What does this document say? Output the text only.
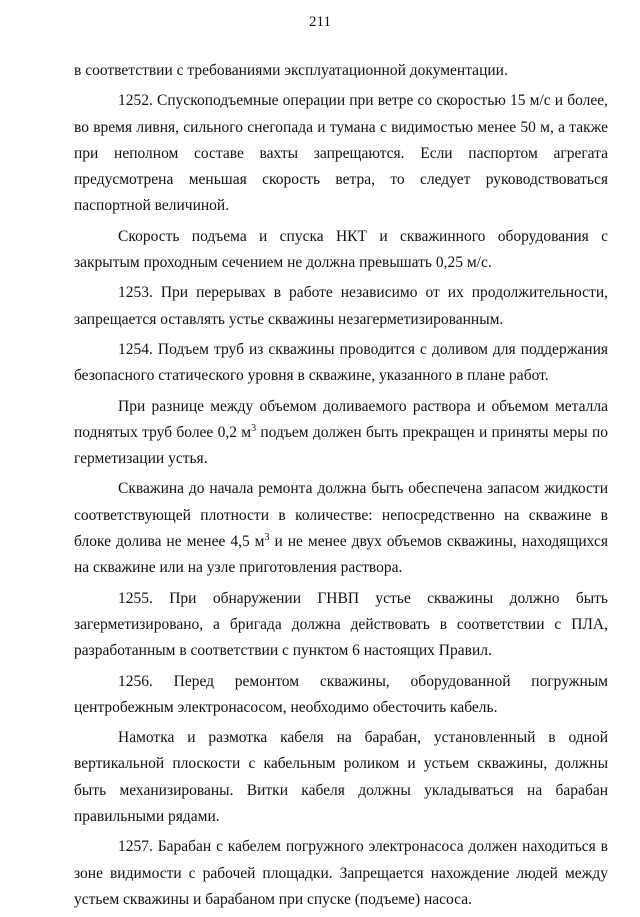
211

в соответствии с требованиями эксплуатационной документации.

1252. Спускоподъемные операции при ветре со скоростью 15 м/с и более, во время ливня, сильного снегопада и тумана с видимостью менее 50 м, а также при неполном составе вахты запрещаются. Если паспортом агрегата предусмотрена меньшая скорость ветра, то следует руководствоваться паспортной величиной.

Скорость подъема и спуска НКТ и скважинного оборудования с закрытым проходным сечением не должна превышать 0,25 м/с.

1253. При перерывах в работе независимо от их продолжительности, запрещается оставлять устье скважины незагерметизированным.

1254. Подъем труб из скважины проводится с доливом для поддержания безопасного статического уровня в скважине, указанного в плане работ.

При разнице между объемом доливаемого раствора и объемом металла поднятых труб более 0,2 $м^3$ подъем должен быть прекращен и приняты меры по герметизации устья.

Скважина до начала ремонта должна быть обеспечена запасом жидкости соответствующей плотности в количестве: непосредственно на скважине в блоке долива не менее 4,5 $м^3$ и не менее двух объемов скважины, находящихся на скважине или на узле приготовления раствора.

1255. При обнаружении ГНВП устье скважины должно быть загерметизировано, а бригада должна действовать в соответствии с ПЛА, разработанным в соответствии с пунктом 6 настоящих Правил.

1256. Перед ремонтом скважины, оборудованной погружным центробежным электронасосом, необходимо обесточить кабель.

Намотка и размотка кабеля на барабан, установленный в одной вертикальной плоскости с кабельным роликом и устьем скважины, должны быть механизированы. Витки кабеля должны укладываться на барабан правильными рядами.

1257. Барабан с кабелем погружного электронасоса должен находиться в зоне видимости с рабочей площадки. Запрещается нахождение людей между устьем скважины и барабаном при спуске (подъеме) насоса.
